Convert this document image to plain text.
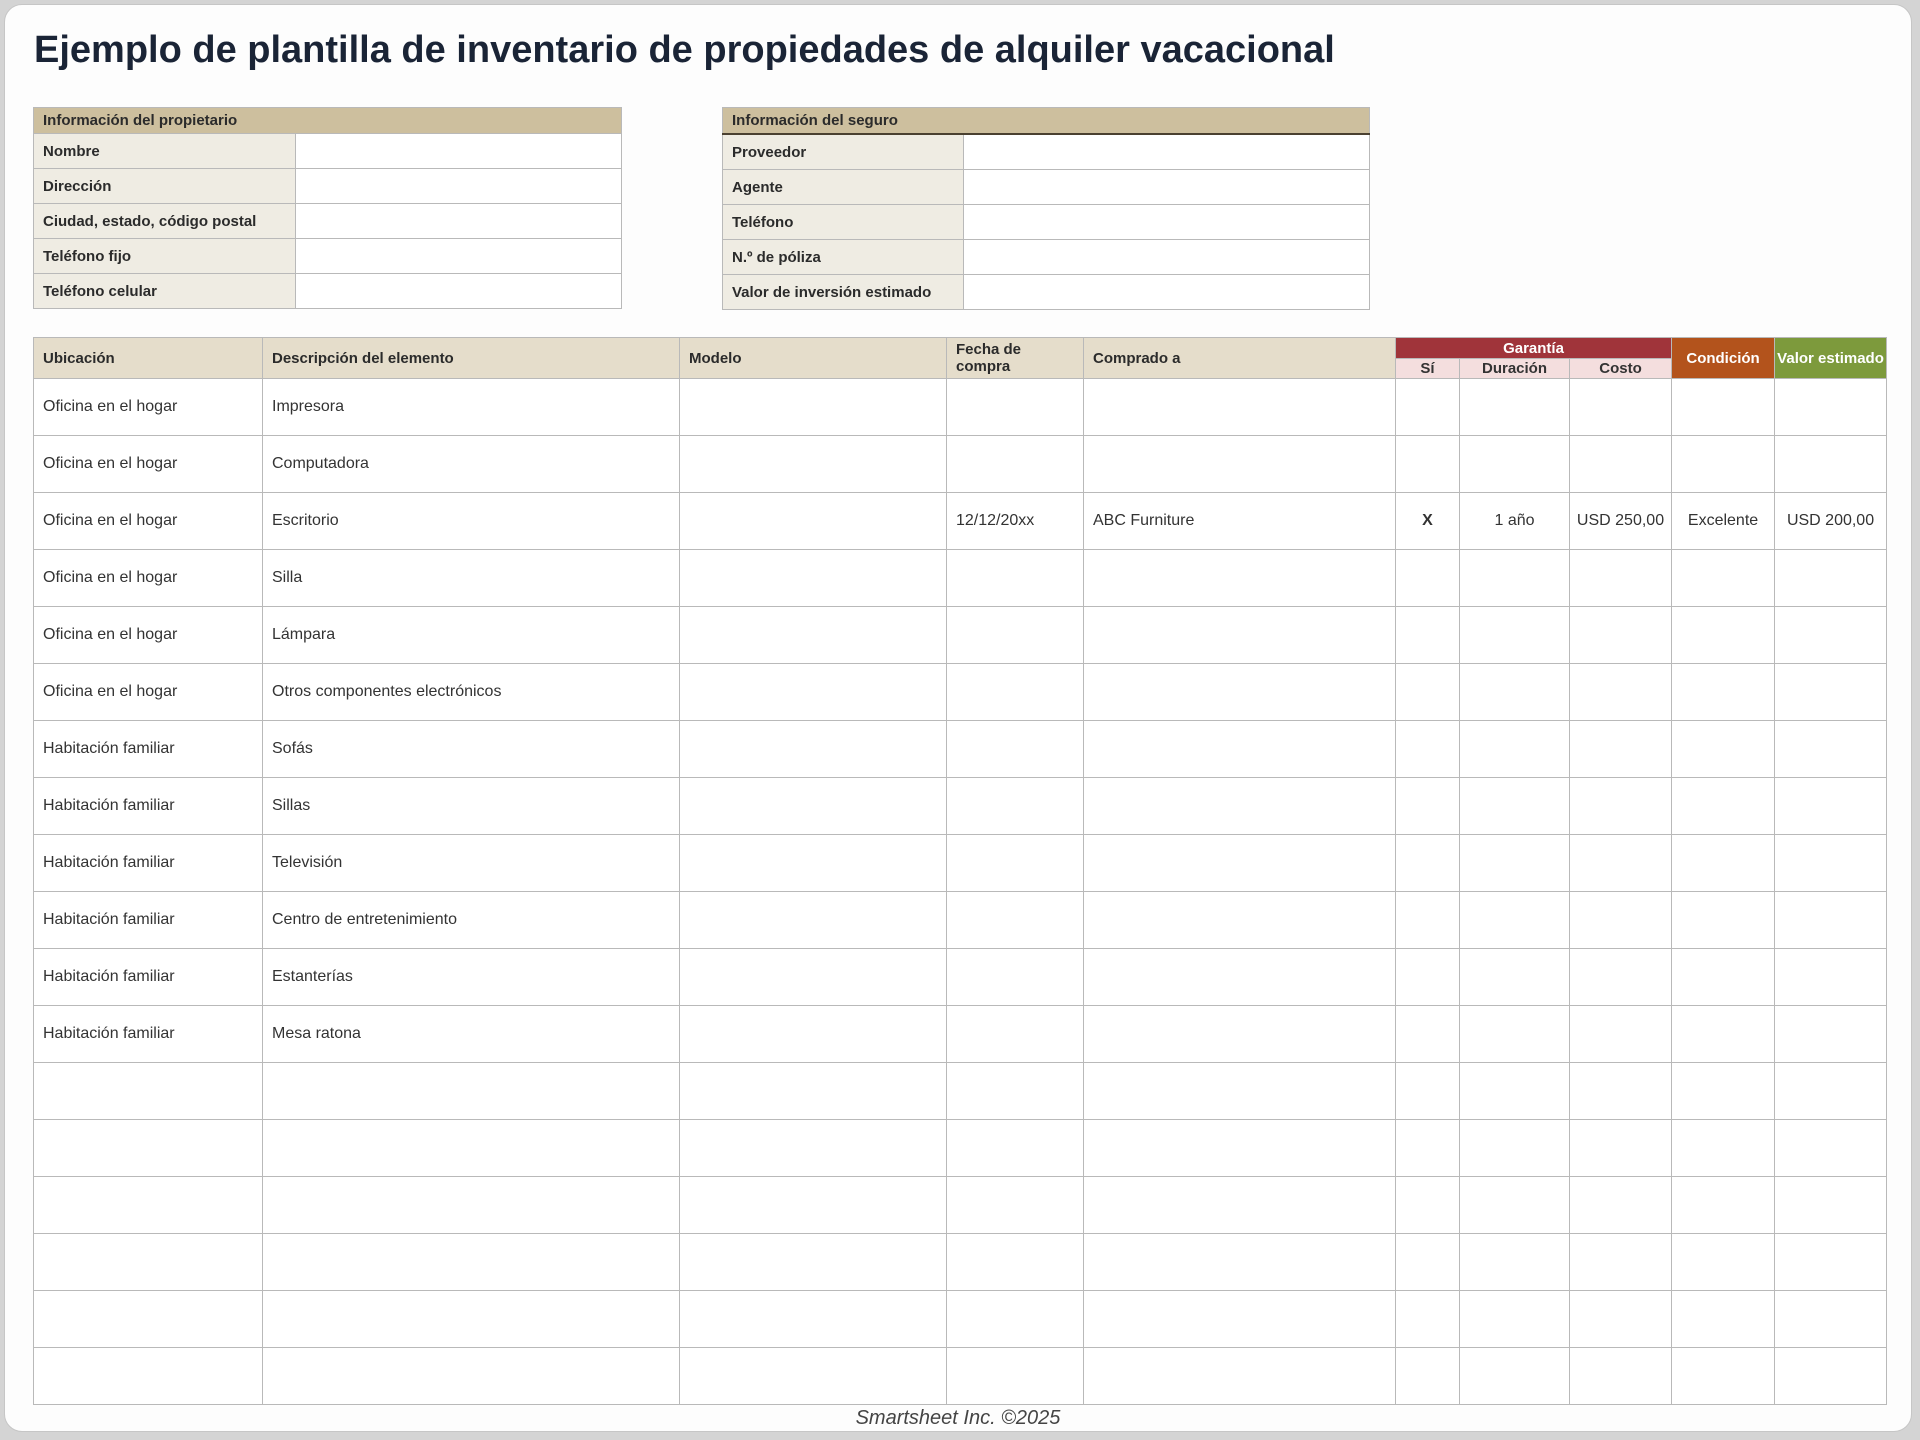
Ejemplo de plantilla de inventario de propiedades de alquiler vacacional
Información del propietario	
Nombre	
Dirección	
Ciudad, estado, código postal	
Teléfono fijo	
Teléfono celular	
Información del seguro	
Proveedor	
Agente	
Teléfono	
N.º de póliza	
Valor de inversión estimado	
Ubicación	Descripción del elemento	Modelo	Fecha de compra	Comprado a	Garantía			Condición	Valor estimado
					Sí	Duración	Costo		
Oficina en el hogar	Impresora								
Oficina en el hogar	Computadora								
Oficina en el hogar	Escritorio		12/12/20xx	ABC Furniture	X	1 año	USD 250,00	Excelente	USD 200,00
Oficina en el hogar	Silla								
Oficina en el hogar	Lámpara								
Oficina en el hogar	Otros componentes electrónicos								
Habitación familiar	Sofás								
Habitación familiar	Sillas								
Habitación familiar	Televisión								
Habitación familiar	Centro de entretenimiento								
Habitación familiar	Estanterías								
Habitación familiar	Mesa ratona								

Smartsheet Inc. ©2025
